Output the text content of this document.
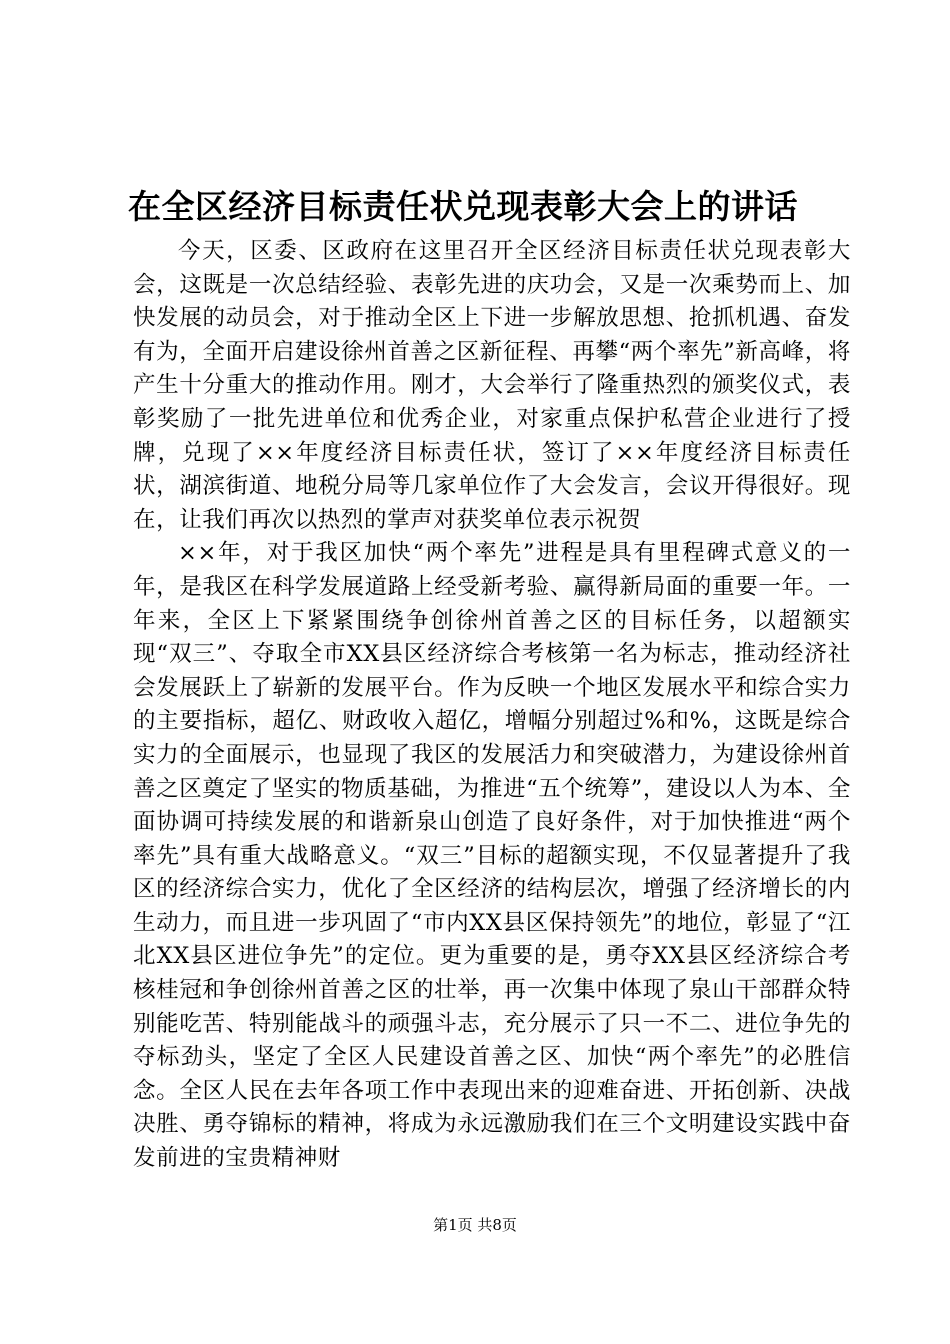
在全区经济目标责任状兑现表彰大会上的讲话

今天，区委、区政府在这里召开全区经济目标责任状兑现表彰大会，这既是一次总结经验、表彰先进的庆功会，又是一次乘势而上、加快发展的动员会，对于推动全区上下进一步解放思想、抢抓机遇、奋发有为，全面开启建设徐州首善之区新征程、再攀“两个率先”新高峰，将产生十分重大的推动作用。刚才，大会举行了隆重热烈的颁奖仪式，表彰奖励了一批先进单位和优秀企业，对家重点保护私营企业进行了授牌，兑现了××年度经济目标责任状，签订了××年度经济目标责任状，湖滨街道、地税分局等几家单位作了大会发言，会议开得很好。现在，让我们再次以热烈的掌声对获奖单位表示祝贺

××年，对于我区加快“两个率先”进程是具有里程碑式意义的一年，是我区在科学发展道路上经受新考验、赢得新局面的重要一年。一年来，全区上下紧紧围绕争创徐州首善之区的目标任务，以超额实现“双三”、夺取全市XX县区经济综合考核第一名为标志，推动经济社会发展跃上了崭新的发展平台。作为反映一个地区发展水平和综合实力的主要指标，超亿、财政收入超亿，增幅分别超过%和%，这既是综合实力的全面展示，也显现了我区的发展活力和突破潜力，为建设徐州首善之区奠定了坚实的物质基础，为推进“五个统筹”，建设以人为本、全面协调可持续发展的和谐新泉山创造了良好条件，对于加快推进“两个率先”具有重大战略意义。“双三”目标的超额实现，不仅显著提升了我区的经济综合实力，优化了全区经济的结构层次，增强了经济增长的内生动力，而且进一步巩固了“市内XX县区保持领先”的地位，彰显了“江北XX县区进位争先”的定位。更为重要的是，勇夺XX县区经济综合考核桂冠和争创徐州首善之区的壮举，再一次集中体现了泉山干部群众特别能吃苦、特别能战斗的顽强斗志，充分展示了只一不二、进位争先的夺标劲头，坚定了全区人民建设首善之区、加快“两个率先”的必胜信念。全区人民在去年各项工作中表现出来的迎难奋进、开拓创新、决战决胜、勇夺锦标的精神，将成为永远激励我们在三个文明建设实践中奋发前进的宝贵精神财

第1页 共8页
